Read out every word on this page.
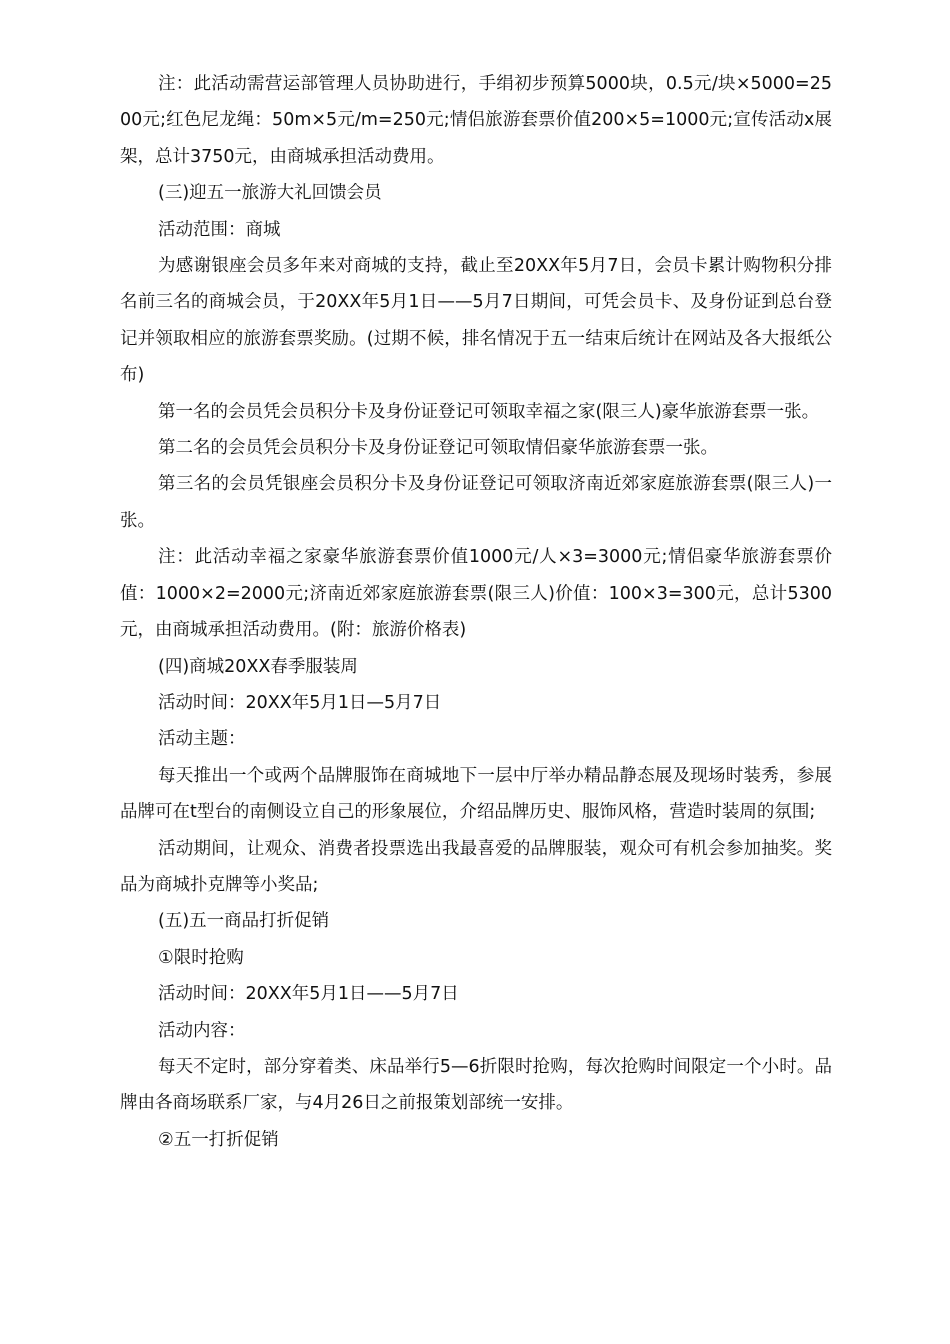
注：此活动需营运部管理人员协助进行，手绢初步预算5000块，0.5元/块×5000=2500元;红色尼龙绳：50m×5元/m=250元;情侣旅游套票价值200×5=1000元;宣传活动x展架，总计3750元，由商城承担活动费用。

(三)迎五一旅游大礼回馈会员

活动范围：商城

为感谢银座会员多年来对商城的支持，截止至20XX年5月7日，会员卡累计购物积分排名前三名的商城会员，于20XX年5月1日——5月7日期间，可凭会员卡、及身份证到总台登记并领取相应的旅游套票奖励。(过期不候，排名情况于五一结束后统计在网站及各大报纸公布)

第一名的会员凭会员积分卡及身份证登记可领取幸福之家(限三人)豪华旅游套票一张。

第二名的会员凭会员积分卡及身份证登记可领取情侣豪华旅游套票一张。

第三名的会员凭银座会员积分卡及身份证登记可领取济南近郊家庭旅游套票(限三人)一张。

注：此活动幸福之家豪华旅游套票价值1000元/人×3=3000元;情侣豪华旅游套票价值：1000×2=2000元;济南近郊家庭旅游套票(限三人)价值：100×3=300元，总计5300元，由商城承担活动费用。(附：旅游价格表)

(四)商城20XX春季服装周

活动时间：20XX年5月1日—5月7日

活动主题：

每天推出一个或两个品牌服饰在商城地下一层中厅举办精品静态展及现场时装秀，参展品牌可在t型台的南侧设立自己的形象展位，介绍品牌历史、服饰风格，营造时装周的氛围;

活动期间，让观众、消费者投票选出我最喜爱的品牌服装，观众可有机会参加抽奖。奖品为商城扑克牌等小奖品;

(五)五一商品打折促销

①限时抢购

活动时间：20XX年5月1日——5月7日

活动内容：

每天不定时，部分穿着类、床品举行5—6折限时抢购，每次抢购时间限定一个小时。品牌由各商场联系厂家，与4月26日之前报策划部统一安排。

②五一打折促销
